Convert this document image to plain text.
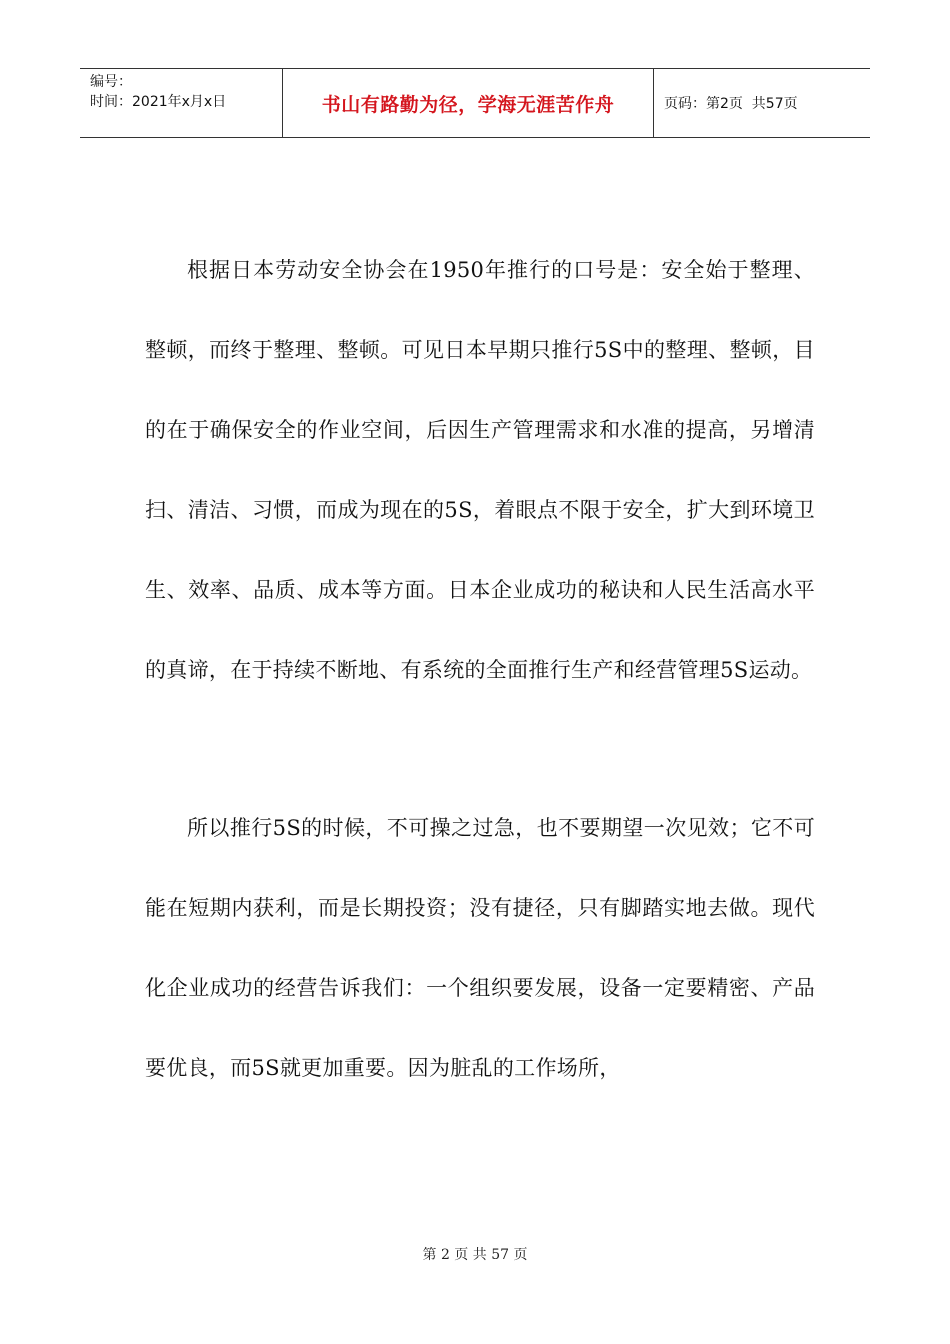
编号：
时间：2021年x月x日	书山有路勤为径，学海无涯苦作舟	页码：第2页  共57页

根据日本劳动安全协会在1950年推行的口号是：安全始于整理、整顿，而终于整理、整顿。可见日本早期只推行5S中的整理、整顿，目的在于确保安全的作业空间，后因生产管理需求和水准的提高，另增清扫、清洁、习惯，而成为现在的5S，着眼点不限于安全，扩大到环境卫生、效率、品质、成本等方面。日本企业成功的秘诀和人民生活高水平的真谛，在于持续不断地、有系统的全面推行生产和经营管理5S运动。

所以推行5S的时候，不可操之过急，也不要期望一次见效；它不可能在短期内获利，而是长期投资；没有捷径，只有脚踏实地去做。现代化企业成功的经营告诉我们：一个组织要发展，设备一定要精密、产品要优良，而5S就更加重要。因为脏乱的工作场所，

第 2 页 共 57 页
